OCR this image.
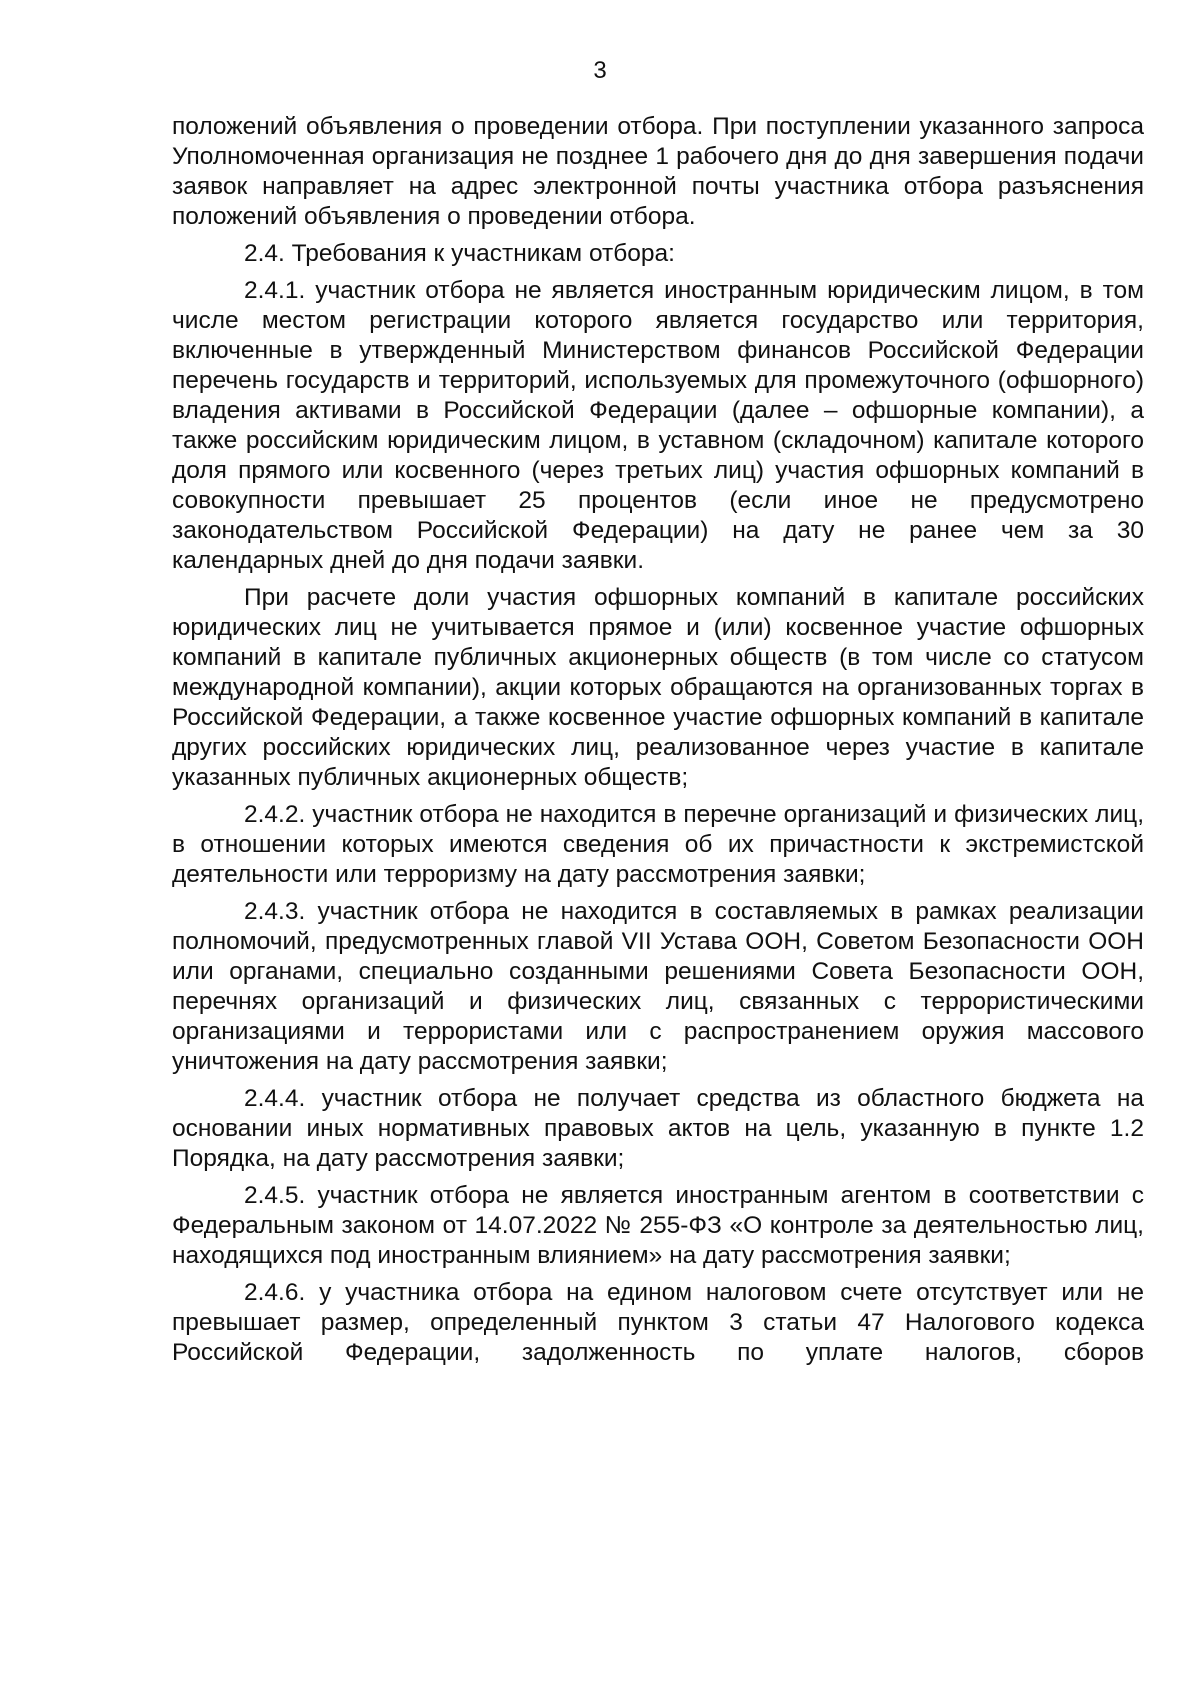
3

положений объявления о проведении отбора. При поступлении указанного запроса Уполномоченная организация не позднее 1 рабочего дня до дня завершения подачи заявок направляет на адрес электронной почты участника отбора разъяснения положений объявления о проведении отбора.

2.4. Требования к участникам отбора:

2.4.1. участник отбора не является иностранным юридическим лицом, в том числе местом регистрации которого является государство или территория, включенные в утвержденный Министерством финансов Российской Федерации перечень государств и территорий, используемых для промежуточного (офшорного) владения активами в Российской Федерации (далее – офшорные компании), а также российским юридическим лицом, в уставном (складочном) капитале которого доля прямого или косвенного (через третьих лиц) участия офшорных компаний в совокупности превышает 25 процентов (если иное не предусмотрено законодательством Российской Федерации) на дату не ранее чем за 30 календарных дней до дня подачи заявки.

При расчете доли участия офшорных компаний в капитале российских юридических лиц не учитывается прямое и (или) косвенное участие офшорных компаний в капитале публичных акционерных обществ (в том числе со статусом международной компании), акции которых обращаются на организованных торгах в Российской Федерации, а также косвенное участие офшорных компаний в капитале других российских юридических лиц, реализованное через участие в капитале указанных публичных акционерных обществ;

2.4.2. участник отбора не находится в перечне организаций и физических лиц, в отношении которых имеются сведения об их причастности к экстремистской деятельности или терроризму на дату рассмотрения заявки;

2.4.3. участник отбора не находится в составляемых в рамках реализации полномочий, предусмотренных главой VII Устава ООН, Советом Безопасности ООН или органами, специально созданными решениями Совета Безопасности ООН, перечнях организаций и физических лиц, связанных с террористическими организациями и террористами или с распространением оружия массового уничтожения на дату рассмотрения заявки;

2.4.4. участник отбора не получает средства из областного бюджета на основании иных нормативных правовых актов на цель, указанную в пункте 1.2 Порядка, на дату рассмотрения заявки;

2.4.5. участник отбора не является иностранным агентом в соответствии с Федеральным законом от 14.07.2022 № 255-ФЗ «О контроле за деятельностью лиц, находящихся под иностранным влиянием» на дату рассмотрения заявки;

2.4.6. у участника отбора на едином налоговом счете отсутствует или не превышает размер, определенный пунктом 3 статьи 47 Налогового кодекса Российской Федерации, задолженность по уплате налогов, сборов
